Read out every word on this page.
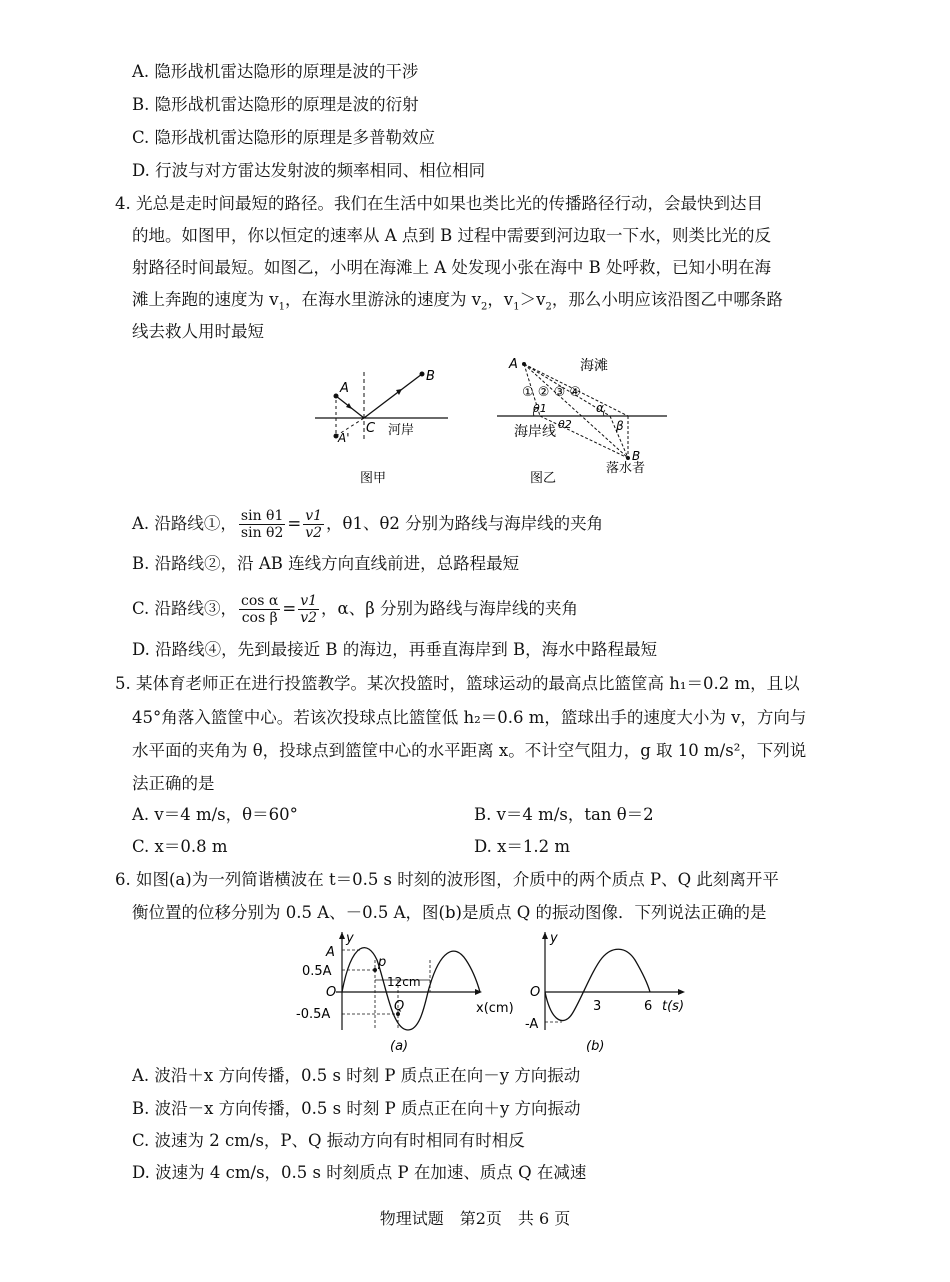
A. 隐形战机雷达隐形的原理是波的干涉
B. 隐形战机雷达隐形的原理是波的衍射
C. 隐形战机雷达隐形的原理是多普勒效应
D. 行波与对方雷达发射波的频率相同、相位相同
4. 光总是走时间最短的路径。我们在生活中如果也类比光的传播路径行动，会最快到达目
的地。如图甲，你以恒定的速率从 A 点到 B 过程中需要到河边取一下水，则类比光的反
射路径时间最短。如图乙，小明在海滩上 A 处发现小张在海中 B 处呼救，已知小明在海
滩上奔跑的速度为 $v_1$，在海水里游泳的速度为 $v_2$，$v_1>v_2$，那么小明应该沿图乙中哪条路
线去救人用时最短
A
B
C
A'	河岸
图甲
A	海滩
① ② ③ ④
θ1
θ2
α
β
海岸线
B
落水者
图乙
A. 沿路线①， $\frac{\text{sin θ1}}{\text{sin θ2}} = \frac{v1}{v2}$ ，θ1、θ2 分别为路线与海岸线的夹角
B. 沿路线②，沿 AB 连线方向直线前进，总路程最短
C. 沿路线③， $\frac{\text{cos α}}{\text{cos β}} = \frac{v1}{v2}$ ，α、β 分别为路线与海岸线的夹角
D. 沿路线④，先到最接近 B 的海边，再垂直海岸到 B，海水中路程最短
5. 某体育老师正在进行投篮教学。某次投篮时，篮球运动的最高点比篮筐高 h₁＝0.2 m，且以
45°角落入篮筐中心。若该次投球点比篮筐低 h₂＝0.6 m，篮球出手的速度大小为 v，方向与
水平面的夹角为 θ，投球点到篮筐中心的水平距离 x。不计空气阻力，g 取 10 m/s²，下列说
法正确的是
A. v＝4 m/s，θ＝60°	B. v＝4 m/s，tan θ＝2
C. x＝0.8 m	D. x＝1.2 m
6. 如图(a)为一列简谐横波在 t＝0.5 s 时刻的波形图，介质中的两个质点 P、Q 此刻离开平
衡位置的位移分别为 0.5 A、－0.5 A，图(b)是质点 Q 的振动图像．下列说法正确的是
y
A
0.5A
O
-0.5A
p
Q
12cm
x(cm)
(a)
y
O
-A
3	6 t(s)
(b)
A. 波沿＋x 方向传播，0.5 s 时刻 P 质点正在向－y 方向振动
B. 波沿－x 方向传播，0.5 s 时刻 P 质点正在向＋y 方向振动
C. 波速为 2 cm/s，P、Q 振动方向有时相同有时相反
D. 波速为 4 cm/s，0.5 s 时刻质点 P 在加速、质点 Q 在减速
物理试题　第2页　共 6 页
